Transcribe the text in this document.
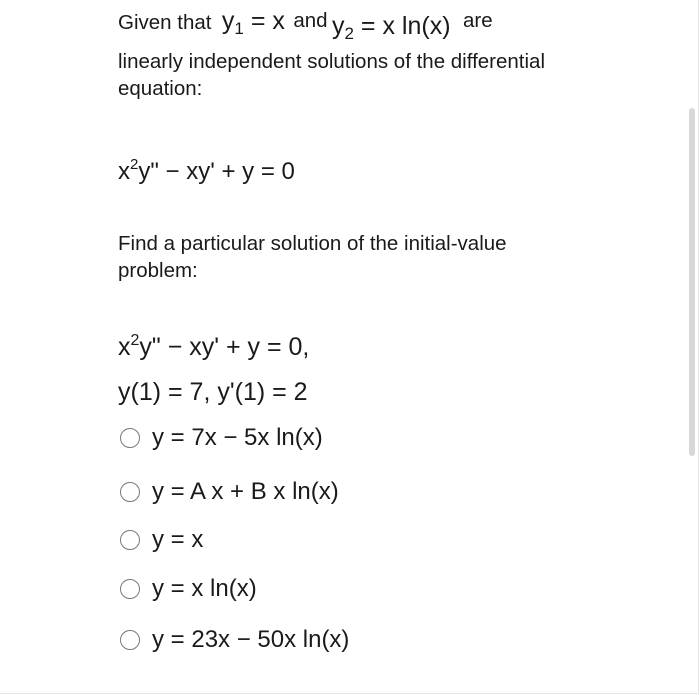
Given that $y_1 = x$ and $y_2 = x$ ln(x) are
linearly independent solutions of the differential
equation:
$x^2y$" − xy' + y = 0
Find a particular solution of the initial-value
problem:
$x^2y$" − xy' + y = 0,
y(1) = 7, y'(1) = 2
y = 7x − 5x ln(x)
y = A x + B x ln(x)
y = x
y = x ln(x)
y = 23x − 50x ln(x)
